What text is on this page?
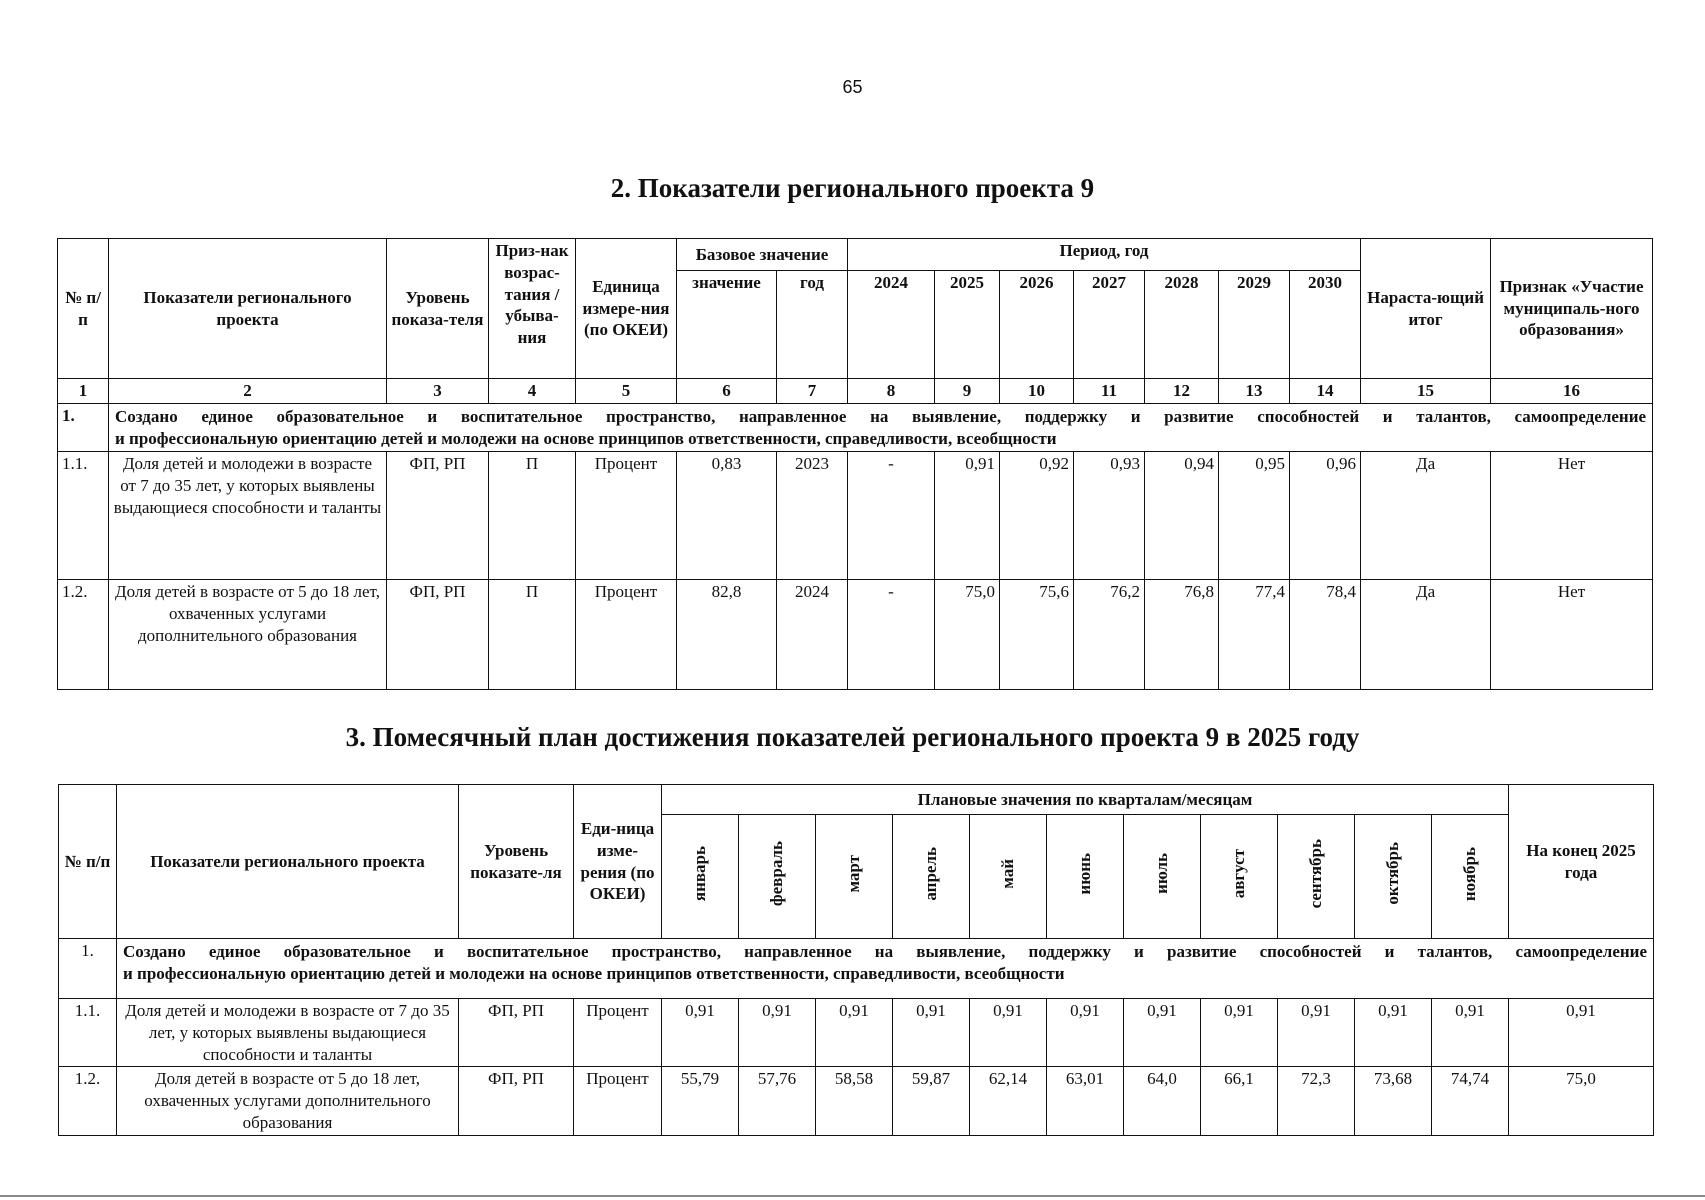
65
2. Показатели регионального проекта 9
№ п/п	Показатели регионального проекта	Уровень показа-теля	Приз-нак возрас-тания / убыва-ния	Единица измере-ния (по ОКЕИ)	Базовое значение		Период, год							Нараста-ющий итог	Признак «Участие муниципаль-ного образования»
					значение	год	2024	2025	2026	2027	2028	2029	2030		
1	2	3	4	5	6	7	8	9	10	11	12	13	14	15	16
1.	Создано единое образовательное и воспитательное пространство, направленное на выявление, поддержку и развитие способностей и талантов, самоопределение
и профессиональную ориентацию детей и молодежи на основе принципов ответственности, справедливости, всеобщности														

1.1.	Доля детей и молодежи в возрасте от 7 до 35 лет, у которых выявлены выдающиеся способности и таланты	ФП, РП	П	Процент	0,83	2023	-	0,91	0,92	0,93	0,94	0,95	0,96	Да	Нет
1.2.	Доля детей в возрасте от 5 до 18 лет, охваченных услугами дополнительного образования	ФП, РП	П	Процент	82,8	2024	-	75,0	75,6	76,2	76,8	77,4	78,4	Да	Нет
3. Помесячный план достижения показателей регионального проекта 9 в 2025 году
№ п/п	Показатели регионального проекта	Уровень показате-ля	Еди-ница изме-рения (по ОКЕИ)	Плановые значения по кварталам/месяцам											На конец 2025 года
				январь	февраль	март	апрель	май	июнь	июль	август	сентябрь	октябрь	ноябрь	
1.	Создано единое образовательное и воспитательное пространство, направленное на выявление, поддержку и развитие способностей и талантов, самоопределение
и профессиональную ориентацию детей и молодежи на основе принципов ответственности, справедливости, всеобщности														

1.1.	Доля детей и молодежи в возрасте от 7 до 35 лет, у которых выявлены выдающиеся способности и таланты	ФП, РП	Процент	0,91	0,91	0,91	0,91	0,91	0,91	0,91	0,91	0,91	0,91	0,91	0,91
1.2.	Доля детей в возрасте от 5 до 18 лет, охваченных услугами дополнительного образования	ФП, РП	Процент	55,79	57,76	58,58	59,87	62,14	63,01	64,0	66,1	72,3	73,68	74,74	75,0
